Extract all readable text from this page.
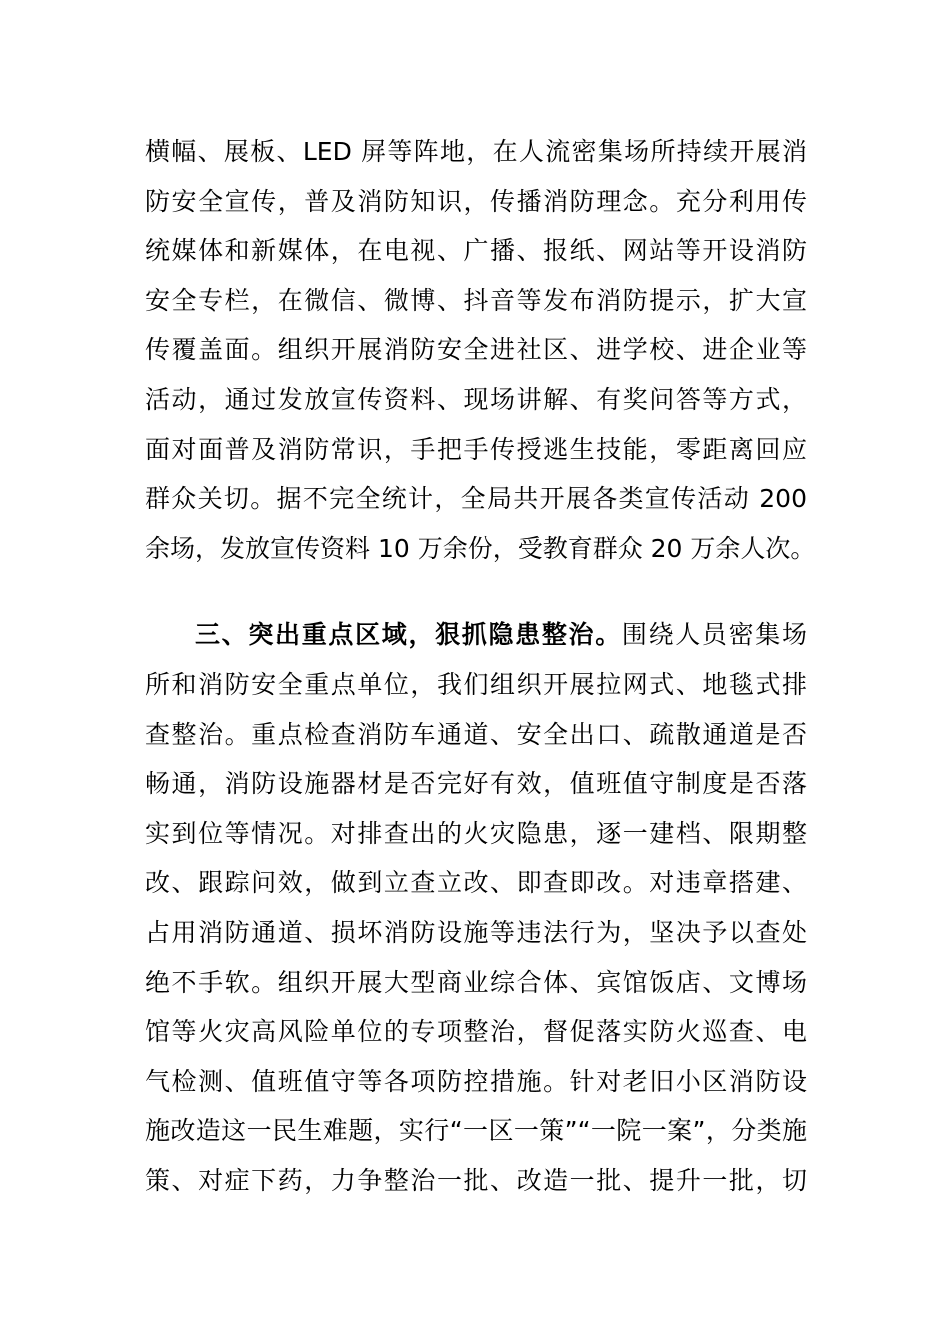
横幅、展板、LED 屏等阵地，在人流密集场所持续开展消
防安全宣传，普及消防知识，传播消防理念。充分利用传
统媒体和新媒体，在电视、广播、报纸、网站等开设消防
安全专栏，在微信、微博、抖音等发布消防提示，扩大宣
传覆盖面。组织开展消防安全进社区、进学校、进企业等
活动，通过发放宣传资料、现场讲解、有奖问答等方式，
面对面普及消防常识，手把手传授逃生技能，零距离回应
群众关切。据不完全统计，全局共开展各类宣传活动 200
余场，发放宣传资料 10 万余份，受教育群众 20 万余人次。
三、突出重点区域，狠抓隐患整治。围绕人员密集场
所和消防安全重点单位，我们组织开展拉网式、地毯式排
查整治。重点检查消防车通道、安全出口、疏散通道是否
畅通，消防设施器材是否完好有效，值班值守制度是否落
实到位等情况。对排查出的火灾隐患，逐一建档、限期整
改、跟踪问效，做到立查立改、即查即改。对违章搭建、
占用消防通道、损坏消防设施等违法行为，坚决予以查处
绝不手软。组织开展大型商业综合体、宾馆饭店、文博场
馆等火灾高风险单位的专项整治，督促落实防火巡查、电
气检测、值班值守等各项防控措施。针对老旧小区消防设
施改造这一民生难题，实行“一区一策”“一院一案”，分类施
策、对症下药，力争整治一批、改造一批、提升一批，切
